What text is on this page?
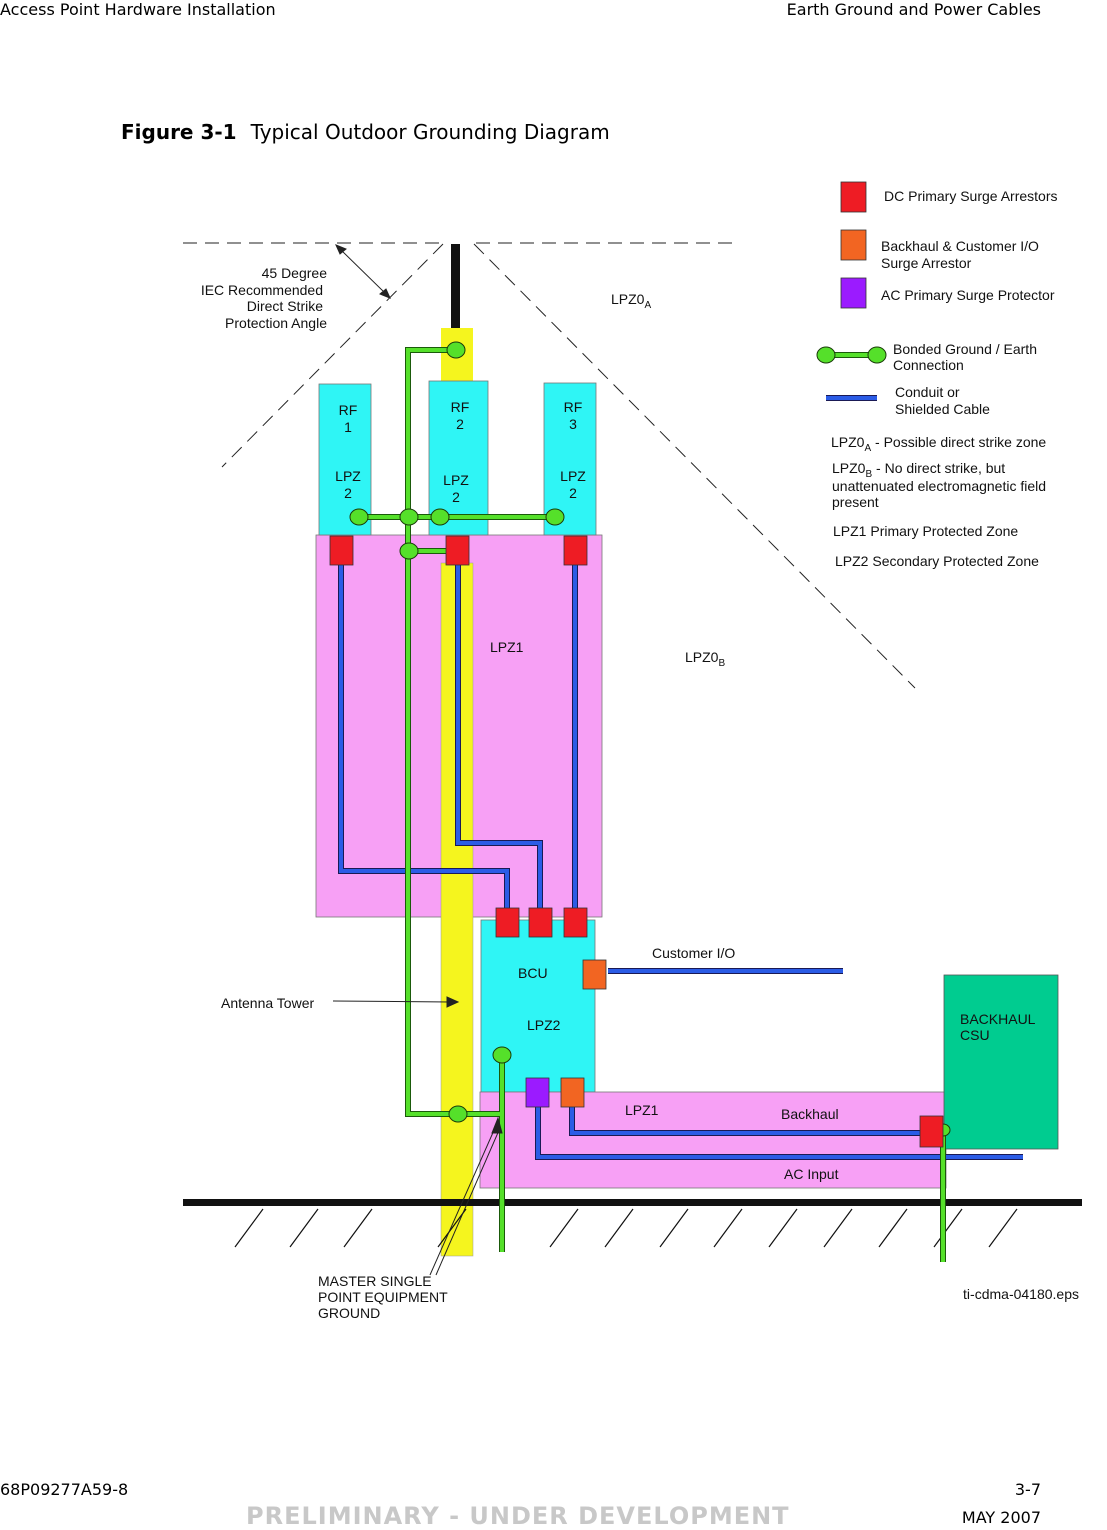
Access Point Hardware Installation	Earth Ground and Power Cables
Figure 3-1 Typical Outdoor Grounding Diagram
45 Degree
IEC Recommended
Direct Strike
Protection Angle
$LPZ0_A$
$LPZ0_B$
RF
1
LPZ
2
RF
2
LPZ
2
RF
3
LPZ
2
LPZ1
BCU
LPZ2
Customer I/O
Antenna Tower
BACKHAUL
CSU
LPZ1	Backhaul
AC Input
MASTER SINGLE
POINT EQUIPMENT
GROUND
ti-cdma-04180.eps
DC Primary Surge Arrestors
Backhaul & Customer I/O
Surge Arrestor
AC Primary Surge Protector
Bonded Ground / Earth
Connection
Conduit or
Shielded Cable
$LPZ0_A$ - Possible direct strike zone
$LPZ0_B$ - No direct strike, but
unattenuated electromagnetic field
present
LPZ1 Primary Protected Zone
LPZ2 Secondary Protected Zone
68P09277A59-8	3-7
PRELIMINARY - UNDER DEVELOPMENT	MAY 2007
